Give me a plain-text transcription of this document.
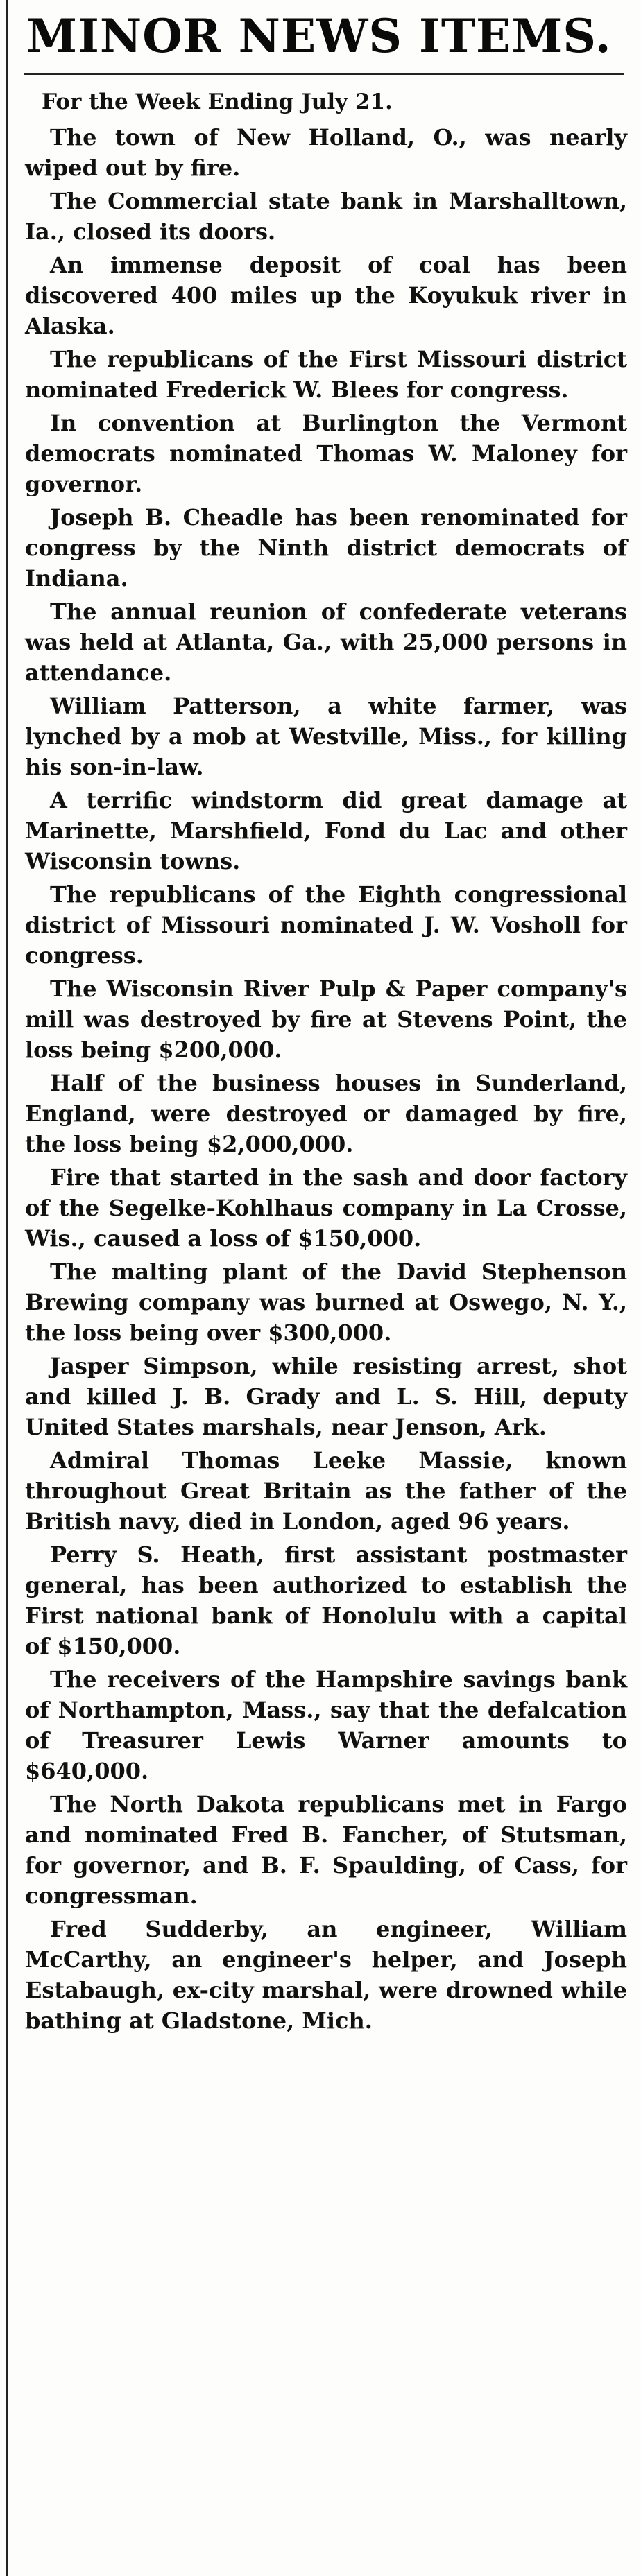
MINOR NEWS ITEMS.
For the Week Ending July 21.

The town of New Holland, O., was nearly wiped out by fire.

The Commercial state bank in Marshalltown, Ia., closed its doors.

An immense deposit of coal has been discovered 400 miles up the Koyukuk river in Alaska.

The republicans of the First Missouri district nominated Frederick W. Blees for congress.

In convention at Burlington the Vermont democrats nominated Thomas W. Maloney for governor.

Joseph B. Cheadle has been renominated for congress by the Ninth district democrats of Indiana.

The annual reunion of confederate veterans was held at Atlanta, Ga., with 25,000 persons in attendance.

William Patterson, a white farmer, was lynched by a mob at Westville, Miss., for killing his son-in-law.

A terrific windstorm did great damage at Marinette, Marshfield, Fond du Lac and other Wisconsin towns.

The republicans of the Eighth congressional district of Missouri nominated J. W. Vosholl for congress.

The Wisconsin River Pulp & Paper company's mill was destroyed by fire at Stevens Point, the loss being $200,000.

Half of the business houses in Sunderland, England, were destroyed or damaged by fire, the loss being $2,000,000.

Fire that started in the sash and door factory of the Segelke-Kohlhaus company in La Crosse, Wis., caused a loss of $150,000.

The malting plant of the David Stephenson Brewing company was burned at Oswego, N. Y., the loss being over $300,000.

Jasper Simpson, while resisting arrest, shot and killed J. B. Grady and L. S. Hill, deputy United States marshals, near Jenson, Ark.

Admiral Thomas Leeke Massie, known throughout Great Britain as the father of the British navy, died in London, aged 96 years.

Perry S. Heath, first assistant postmaster general, has been authorized to establish the First national bank of Honolulu with a capital of $150,000.

The receivers of the Hampshire savings bank of Northampton, Mass., say that the defalcation of Treasurer Lewis Warner amounts to $640,000.

The North Dakota republicans met in Fargo and nominated Fred B. Fancher, of Stutsman, for governor, and B. F. Spaulding, of Cass, for congressman.

Fred Sudderby, an engineer, William McCarthy, an engineer's helper, and Joseph Estabaugh, ex-city marshal, were drowned while bathing at Gladstone, Mich.
